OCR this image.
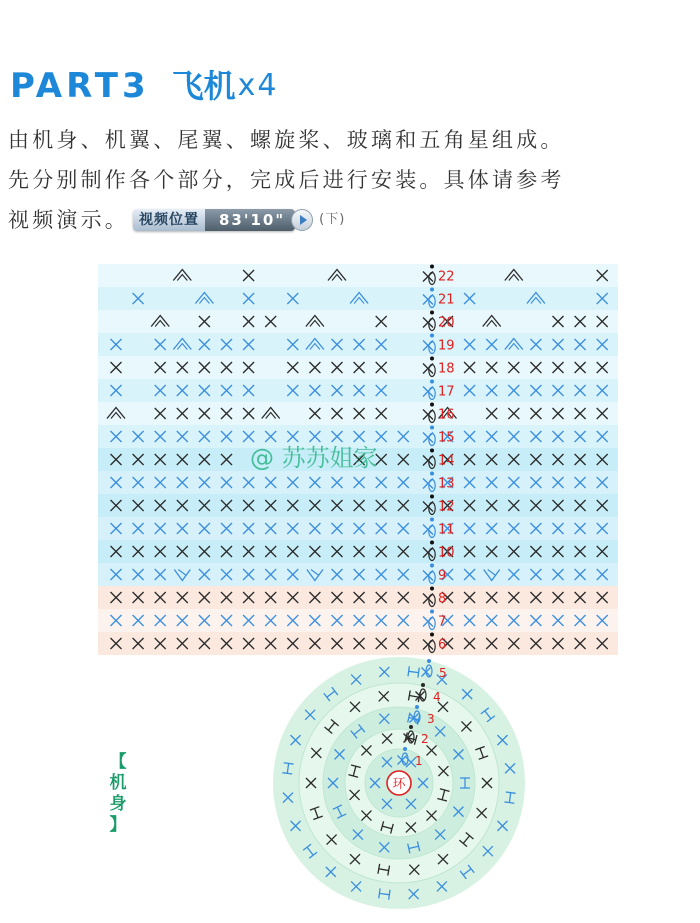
PART3 飞机 x4
由机身、机翼、尾翼、螺旋桨、玻璃和五角星组成。
先分别制作各个部分，完成后进行安装。具体请参考
视频演示。 视频位置	83'10"	(下)
22
21
20
19
18
17
16
15
14
13
12
11
10
9
8
7
6
@ 苏苏姐家
环
1
2
3
4
5
【
机
身
】
